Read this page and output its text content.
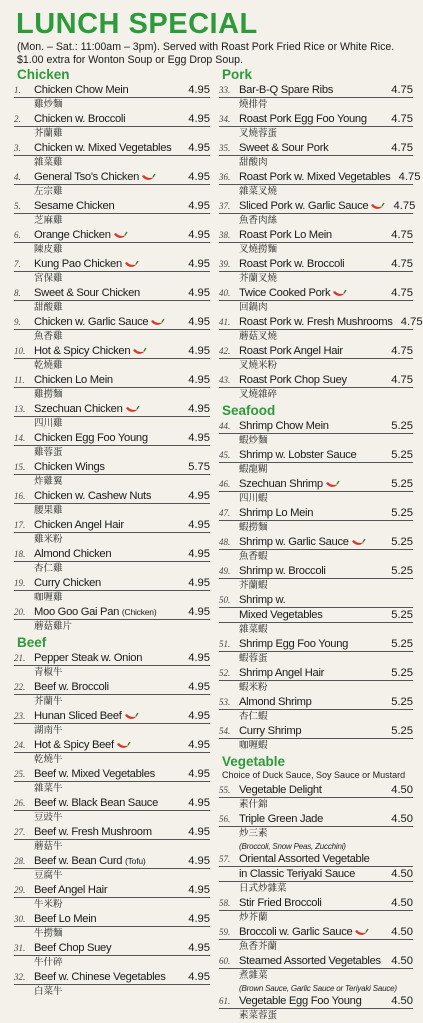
LUNCH SPECIAL
(Mon. – Sat.: 11:00am – 3pm). Served with Roast Pork Fried Rice or White Rice. $1.00 extra for Wonton Soup or Egg Drop Soup.
Chicken
1.	Chicken Chow Mein	4.95
雞炒麵
2.	Chicken w. Broccoli	4.95
芥蘭雞
3.	Chicken w. Mixed Vegetables	4.95
雜菜雞
4.	General Tso's Chicken	4.95
左宗雞
5.	Sesame Chicken	4.95
芝麻雞
6.	Orange Chicken	4.95
陳皮雞
7.	Kung Pao Chicken	4.95
宮保雞
8.	Sweet & Sour Chicken	4.95
甜酸雞
9.	Chicken w. Garlic Sauce	4.95
魚香雞
10. Hot & Spicy Chicken	4.95
乾燒雞
11. Chicken Lo Mein	4.95
雞撈麵
13. Szechuan Chicken	4.95
四川雞
14. Chicken Egg Foo Young	4.95
雞蓉蛋
15. Chicken Wings	5.75
炸雞翼
16. Chicken w. Cashew Nuts	4.95
腰果雞
17. Chicken Angel Hair	4.95
雞米粉
18. Almond Chicken	4.95
杏仁雞
19. Curry Chicken	4.95
咖喱雞
20. Moo Goo Gai Pan (Chicken)	4.95
蘑菇雞片
Beef
21. Pepper Steak w. Onion	4.95
青椒牛
22. Beef w. Broccoli	4.95
芥蘭牛
23. Hunan Sliced Beef	4.95
湖南牛
24. Hot & Spicy Beef	4.95
乾燒牛
25. Beef w. Mixed Vegetables	4.95
雜菜牛
26. Beef w. Black Bean Sauce	4.95
豆豉牛
27. Beef w. Fresh Mushroom	4.95
蘑菇牛
28. Beef w. Bean Curd (Tofu)	4.95
豆腐牛
29. Beef Angel Hair	4.95
牛米粉
30. Beef Lo Mein	4.95
牛撈麵
31. Beef Chop Suey	4.95
牛什碎
32. Beef w. Chinese Vegetables	4.95
白菜牛
Pork
33. Bar-B-Q Spare Ribs	4.75
燒排骨
34. Roast Pork Egg Foo Young	4.75
叉燒蓉蛋
35. Sweet & Sour Pork	4.75
甜酸肉
36. Roast Pork w. Mixed Vegetables 4.75
雜菜叉燒
37. Sliced Pork w. Garlic Sauce	4.75
魚香肉絲
38. Roast Pork Lo Mein	4.75
叉燒撈麵
39. Roast Pork w. Broccoli	4.75
芥蘭叉燒
40. Twice Cooked Pork	4.75
回鍋肉
41. Roast Pork w. Fresh Mushrooms 4.75
蘑菇叉燒
42. Roast Pork Angel Hair	4.75
叉燒米粉
43. Roast Pork Chop Suey	4.75
叉燒雜碎
Seafood
44. Shrimp Chow Mein	5.25
蝦炒麵
45. Shrimp w. Lobster Sauce	5.25
蝦龍糊
46. Szechuan Shrimp	5.25
四川蝦
47. Shrimp Lo Mein	5.25
蝦撈麵
48. Shrimp w. Garlic Sauce	5.25
魚香蝦
49. Shrimp w. Broccoli	5.25
芥蘭蝦
50. Shrimp w.
Mixed Vegetables	5.25
雜菜蝦
51. Shrimp Egg Foo Young	5.25
蝦蓉蛋
52. Shrimp Angel Hair	5.25
蝦米粉
53. Almond Shrimp	5.25
杏仁蝦
54. Curry Shrimp	5.25
咖喱蝦
Vegetable
Choice of Duck Sauce, Soy Sauce or Mustard
55. Vegetable Delight	4.50
素什錦
56. Triple Green Jade	4.50
炒三素
(Broccoli, Snow Peas, Zucchini)
57. Oriental Assorted Vegetable
in Classic Teriyaki Sauce	4.50
日式炒雜菜
58. Stir Fried Broccoli	4.50
炒芥蘭
59. Broccoli w. Garlic Sauce	4.50
魚香芥蘭
60. Steamed Assorted Vegetables 4.50
煮雜菜
(Brown Sauce, Garlic Sauce or Teriyaki Sauce)
61. Vegetable Egg Foo Young	4.50
素菜蓉蛋
